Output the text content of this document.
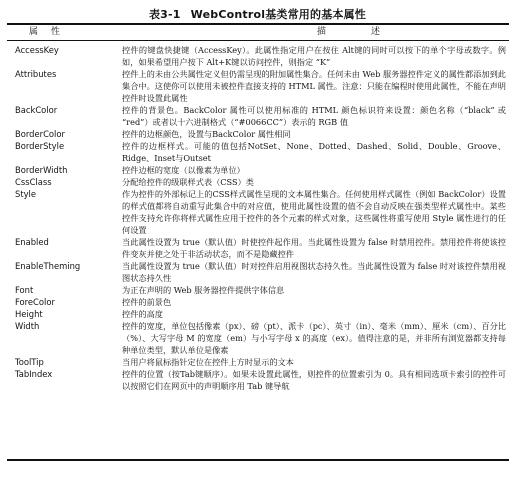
表3-1 WebControl基类常用的基本属性
属　性	描　述
AccessKey	控件的键盘快捷键（AccessKey）。此属性指定用户在按住 Alt键的同时可以按下的单个字母或数字。例如，如果希望用户按下 Alt+K键以访问控件，则指定 “K”
Attributes	控件上的未由公共属性定义但仍需呈现的附加属性集合。任何未由 Web 服务器控件定义的属性都添加到此集合中。这使你可以使用未被控件直接支持的 HTML 属性。注意：只能在编程时使用此属性，不能在声明控件时设置此属性
BackColor	控件的背景色。BackColor 属性可以使用标准的 HTML 颜色标识符来设置：颜色名称（“black” 或 “red”）或者以十六进制格式（“#0066CC”）表示的 RGB 值
BorderColor	控件的边框颜色，设置与BackColor 属性相同
BorderStyle	控件的边框样式。可能的值包括NotSet、None、Dotted、Dashed、Solid、Double、Groove、Ridge、Inset与Outset
BorderWidth	控件边框的宽度（以像素为单位）
CssClass	分配给控件的级联样式表（CSS）类
Style	作为控件的外部标记上的CSS样式属性呈现的文本属性集合。任何使用样式属性（例如 BackColor）设置的样式值都将自动重写此集合中的对应值，使用此属性设置的值不会自动反映在强类型样式属性中。某些控件支持允许你将样式属性应用于控件的各个元素的样式对象，这些属性将重写使用 Style 属性进行的任何设置
Enabled	当此属性设置为 true（默认值）时使控件起作用。当此属性设置为 false 时禁用控件。禁用控件将使该控件变灰并使之处于非活动状态，而不是隐藏控件
EnableTheming	当此属性设置为 true（默认值）时对控件启用视图状态持久性。当此属性设置为 false 时对该控件禁用视图状态持久性
Font	为正在声明的 Web 服务器控件提供字体信息
ForeColor	控件的前景色
Height	控件的高度
Width	控件的宽度，单位包括像素（px）、磅（pt）、派卡（pc）、英寸（in）、毫米（mm）、厘米（cm）、百分比（%）、大写字母 M 的宽度（em）与小写字母 x 的高度（ex）。值得注意的是，并非所有浏览器都支持每种单位类型，默认单位是像素
ToolTip	当用户将鼠标指针定位在控件上方时显示的文本
TabIndex	控件的位置（按Tab键顺序）。如果未设置此属性，则控件的位置索引为 0。具有相同选项卡索引的控件可以按照它们在网页中的声明顺序用 Tab 键导航
